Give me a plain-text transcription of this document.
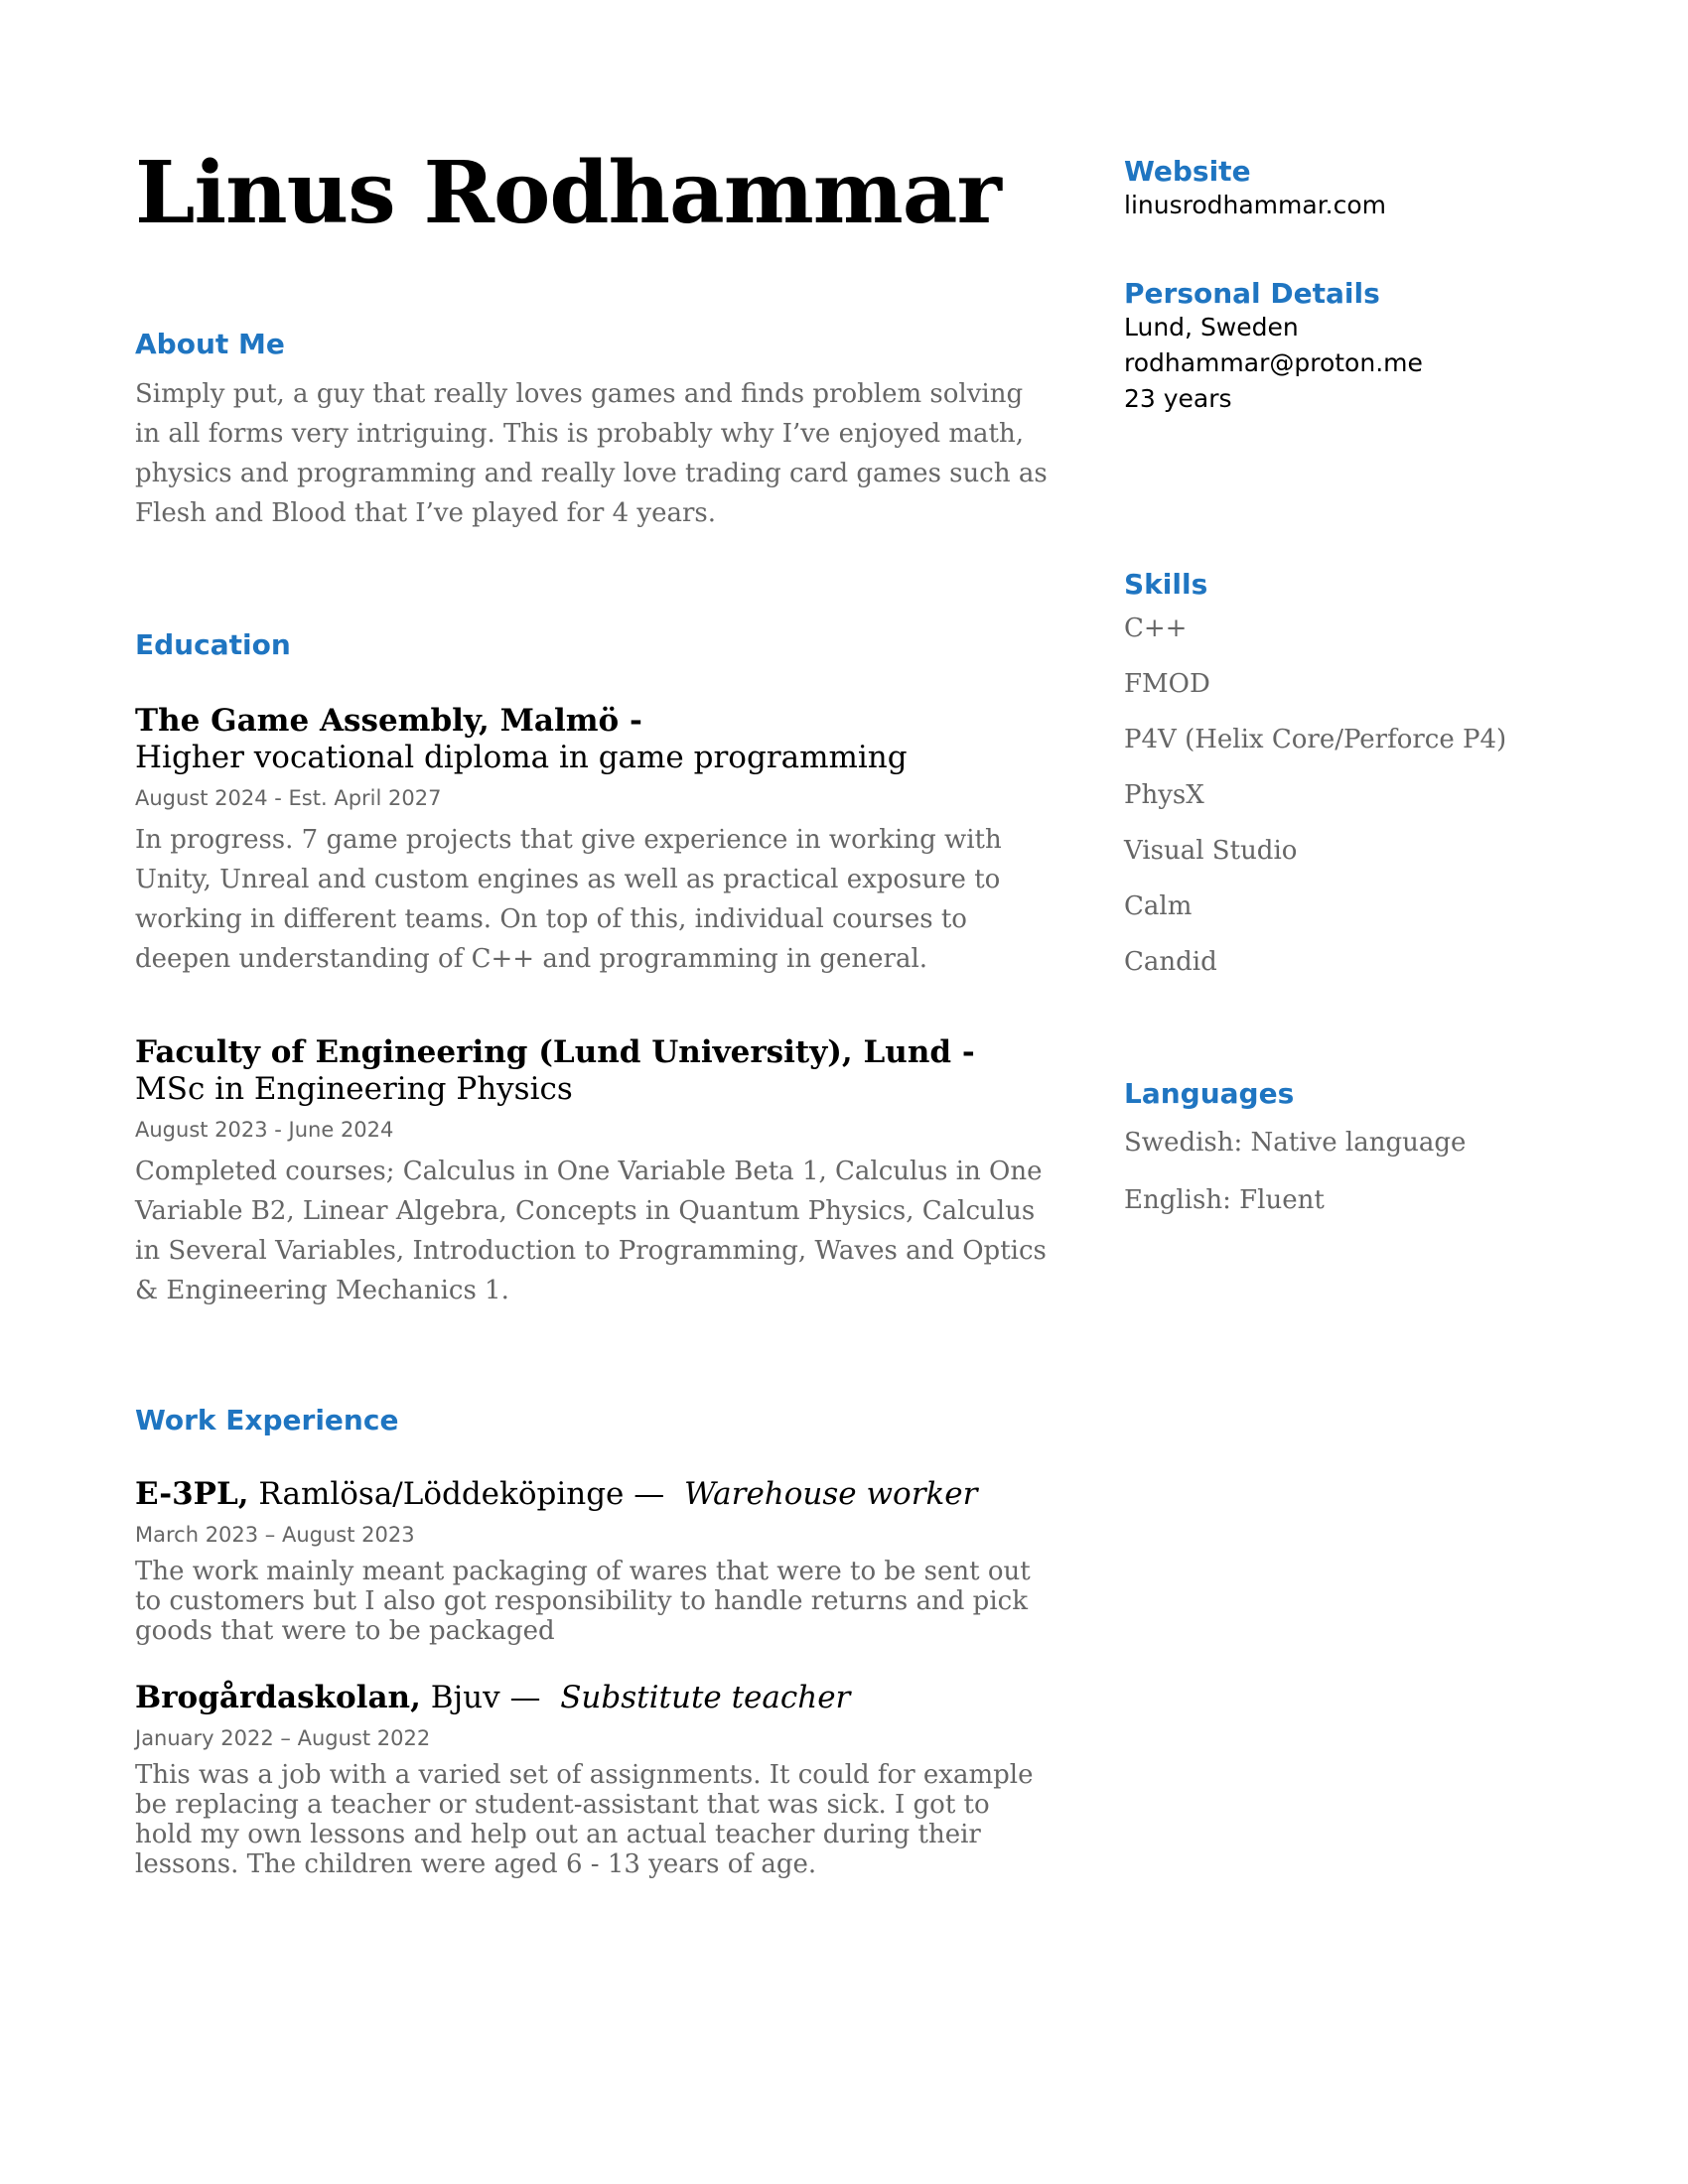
Linus Rodhammar
About Me

Simply put, a guy that really loves games and finds problem solving in all forms very intriguing. This is probably why I’ve enjoyed math, physics and programming and really love trading card games such as Flesh and Blood that I’ve played for 4 years.

Education

The Game Assembly, Malmö -

Higher vocational diploma in game programming

August 2024 - Est. April 2027

In progress. 7 game projects that give experience in working with Unity, Unreal and custom engines as well as practical exposure to working in different teams. On top of this, individual courses to deepen understanding of C++ and programming in general.

Faculty of Engineering (Lund University), Lund -

MSc in Engineering Physics

August 2023 - June 2024

Completed courses; Calculus in One Variable Beta 1, Calculus in One Variable B2, Linear Algebra, Concepts in Quantum Physics, Calculus in Several Variables, Introduction to Programming, Waves and Optics & Engineering Mechanics 1.

Work Experience

E-3PL, Ramlösa/Löddeköpinge — Warehouse worker

March 2023 – August 2023

The work mainly meant packaging of wares that were to be sent out to customers but I also got responsibility to handle returns and pick goods that were to be packaged

Brogårdaskolan, Bjuv — Substitute teacher

January 2022 – August 2022

This was a job with a varied set of assignments. It could for example be replacing a teacher or student-assistant that was sick. I got to hold my own lessons and help out an actual teacher during their lessons. The children were aged 6 - 13 years of age.

Website

linusrodhammar.com

Personal Details

Lund, Sweden

rodhammar@proton.me

23 years

Skills

C++

FMOD

P4V (Helix Core/Perforce P4)

PhysX

Visual Studio

Calm

Candid

Languages

Swedish: Native language

English: Fluent
